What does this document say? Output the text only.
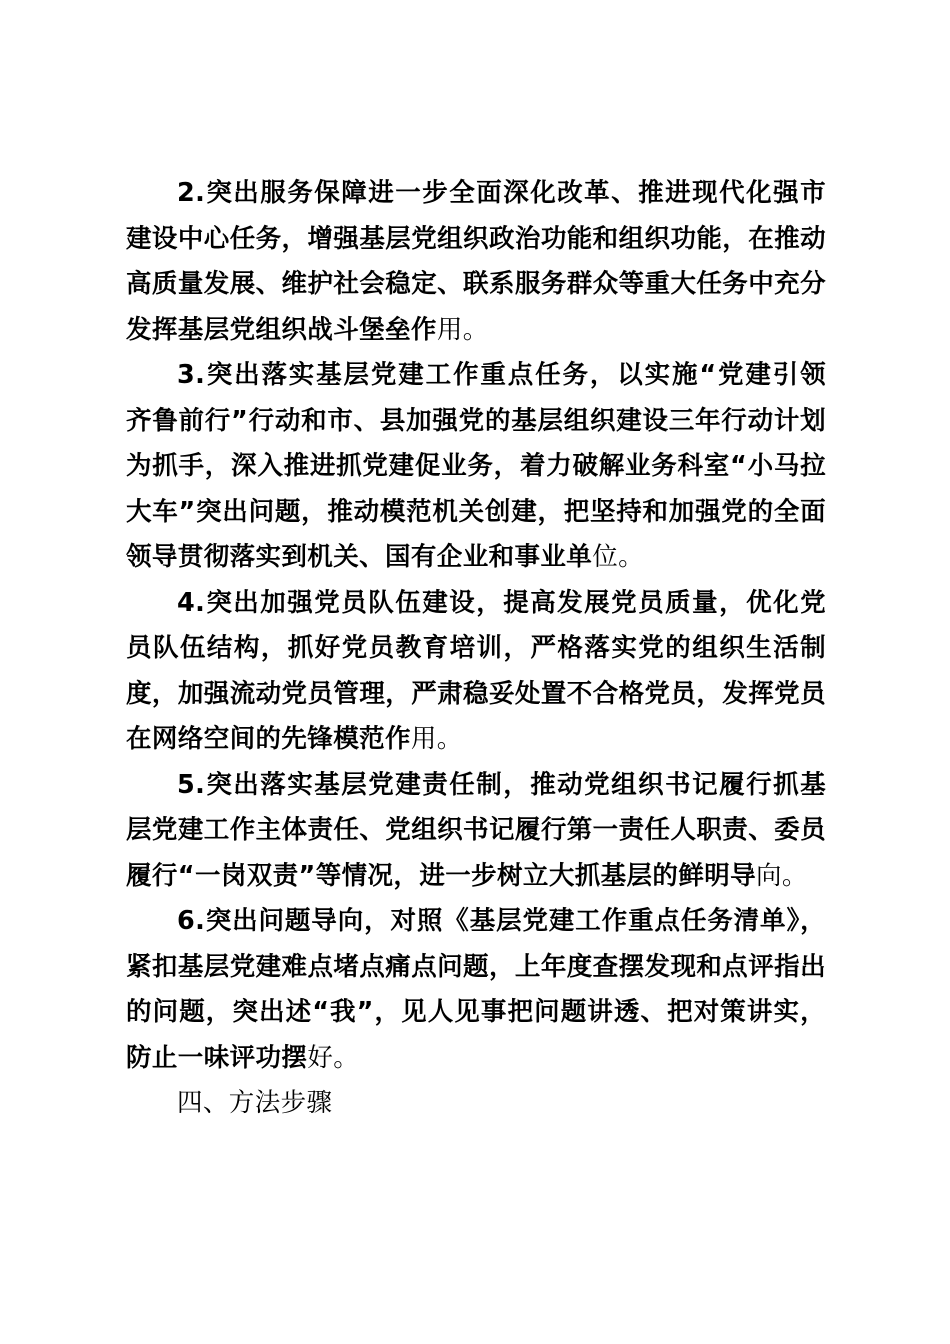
2.突出服务保障进一步全面深化改革、推进现代化强市建设中心任务，增强基层党组织政治功能和组织功能，在推动高质量发展、维护社会稳定、联系服务群众等重大任务中充分发挥基层党组织战斗堡垒作用。

3.突出落实基层党建工作重点任务，以实施“党建引领 齐鲁前行”行动和市、县加强党的基层组织建设三年行动计划为抓手，深入推进抓党建促业务，着力破解业务科室“小马拉大车”突出问题，推动模范机关创建，把坚持和加强党的全面领导贯彻落实到机关、国有企业和事业单位。

4.突出加强党员队伍建设，提高发展党员质量，优化党员队伍结构，抓好党员教育培训，严格落实党的组织生活制度，加强流动党员管理，严肃稳妥处置不合格党员，发挥党员在网络空间的先锋模范作用。

5.突出落实基层党建责任制，推动党组织书记履行抓基层党建工作主体责任、党组织书记履行第一责任人职责、委员履行“一岗双责”等情况，进一步树立大抓基层的鲜明导向。

6.突出问题导向，对照《基层党建工作重点任务清单》，紧扣基层党建难点堵点痛点问题，上年度查摆发现和点评指出的问题，突出述“我”，见人见事把问题讲透、把对策讲实，防止一味评功摆好。

四、方法步骤
